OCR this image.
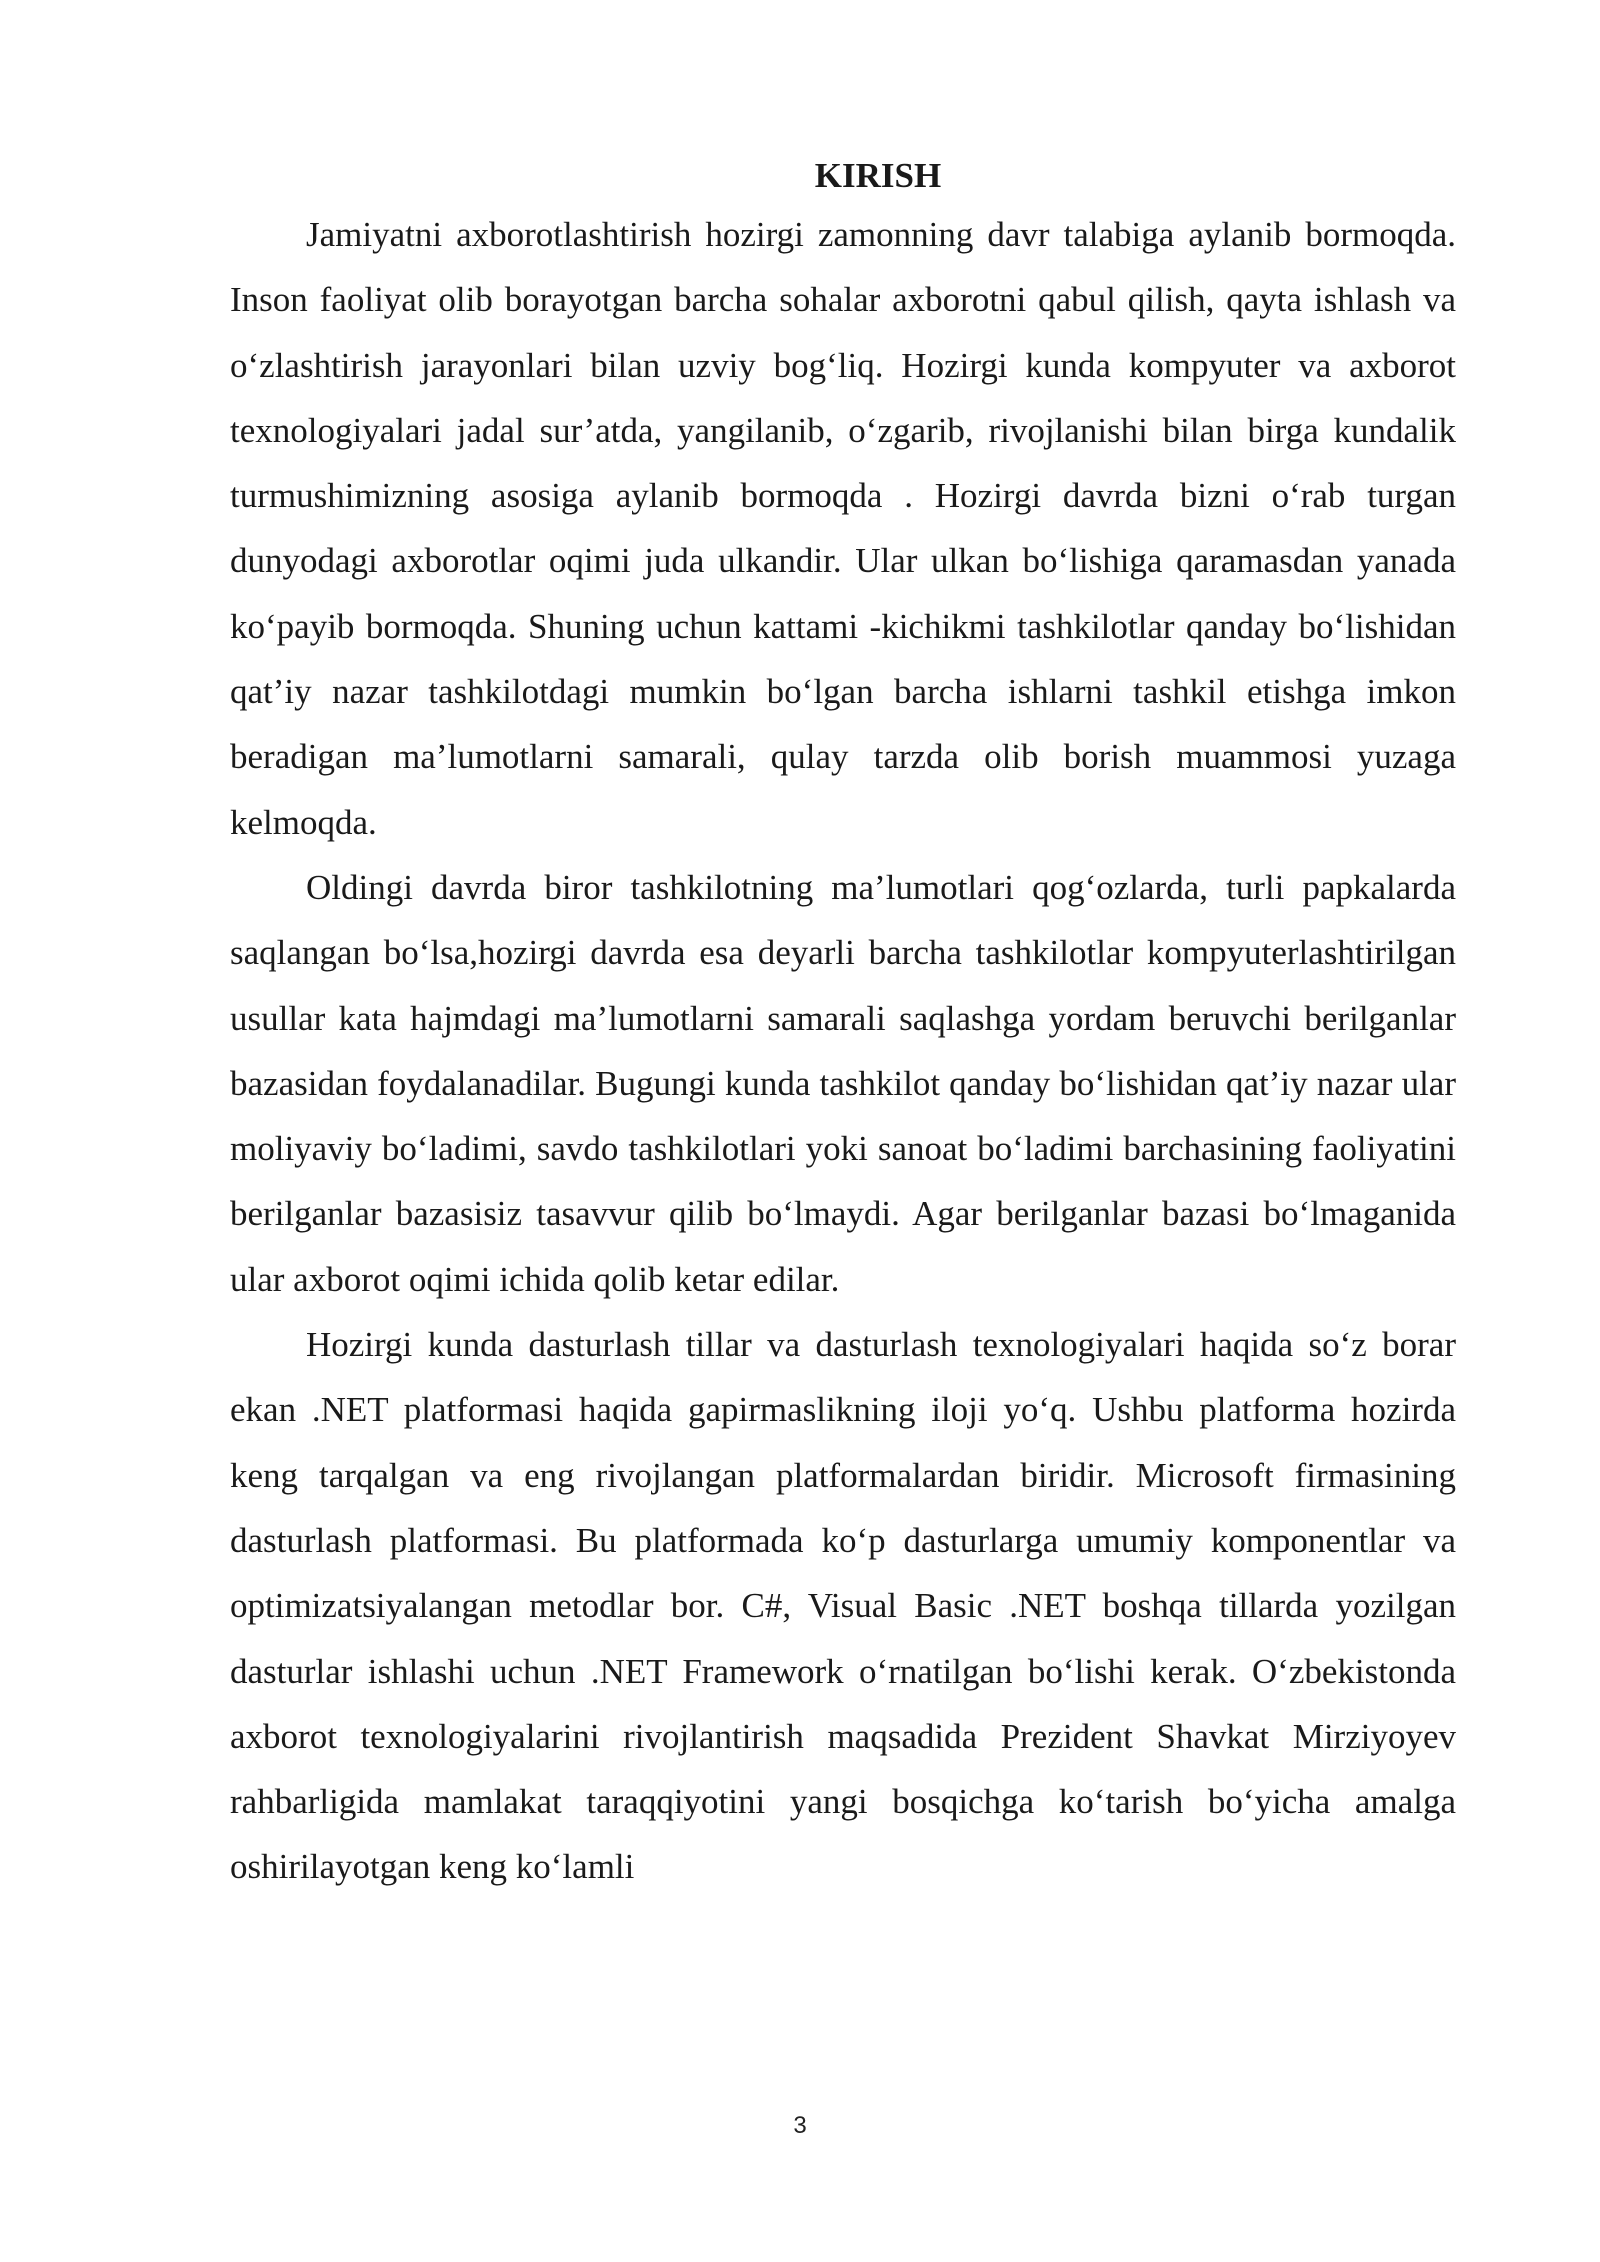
KIRISH

Jamiyatni axborotlashtirish hozirgi zamonning davr talabiga aylanib bormoqda. Inson faoliyat olib borayotgan barcha sohalar axborotni qabul qilish, qayta ishlash va o‘zlashtirish jarayonlari bilan uzviy bog‘liq. Hozirgi kunda kompyuter va axborot texnologiyalari jadal sur’atda, yangilanib, o‘zgarib, rivojlanishi bilan birga kundalik turmushimizning asosiga aylanib bormoqda . Hozirgi davrda bizni o‘rab turgan dunyodagi axborotlar oqimi juda ulkandir. Ular ulkan bo‘lishiga qaramasdan yanada ko‘payib bormoqda. Shuning uchun kattami -kichikmi tashkilotlar qanday bo‘lishidan qat’iy nazar tashkilotdagi mumkin bo‘lgan barcha ishlarni tashkil etishga imkon beradigan ma’lumotlarni samarali, qulay tarzda olib borish muammosi yuzaga kelmoqda.

Oldingi davrda biror tashkilotning ma’lumotlari qog‘ozlarda, turli papkalarda saqlangan bo‘lsa,hozirgi davrda esa deyarli barcha tashkilotlar kompyuterlashtirilgan usullar kata hajmdagi ma’lumotlarni samarali saqlashga yordam beruvchi berilganlar bazasidan foydalanadilar. Bugungi kunda tashkilot qanday bo‘lishidan qat’iy nazar ular moliyaviy bo‘ladimi, savdo tashkilotlari yoki sanoat bo‘ladimi barchasining faoliyatini berilganlar bazasisiz tasavvur qilib bo‘lmaydi. Agar berilganlar bazasi bo‘lmaganida ular axborot oqimi ichida qolib ketar edilar.

Hozirgi kunda dasturlash tillar va dasturlash texnologiyalari haqida so‘z borar ekan .NET platformasi haqida gapirmaslikning iloji yo‘q. Ushbu platforma hozirda keng tarqalgan va eng rivojlangan platformalardan biridir. Microsoft firmasining dasturlash platformasi. Bu platformada ko‘p dasturlarga umumiy komponentlar va optimizatsiyalangan metodlar bor. C#, Visual Basic .NET boshqa tillarda yozilgan dasturlar ishlashi uchun .NET Framework o‘rnatilgan bo‘lishi kerak. O‘zbekistonda axborot texnologiyalarini rivojlantirish maqsadida Prezident Shavkat Mirziyoyev rahbarligida mamlakat taraqqiyotini yangi bosqichga ko‘tarish bo‘yicha amalga oshirilayotgan keng ko‘lamli

3
